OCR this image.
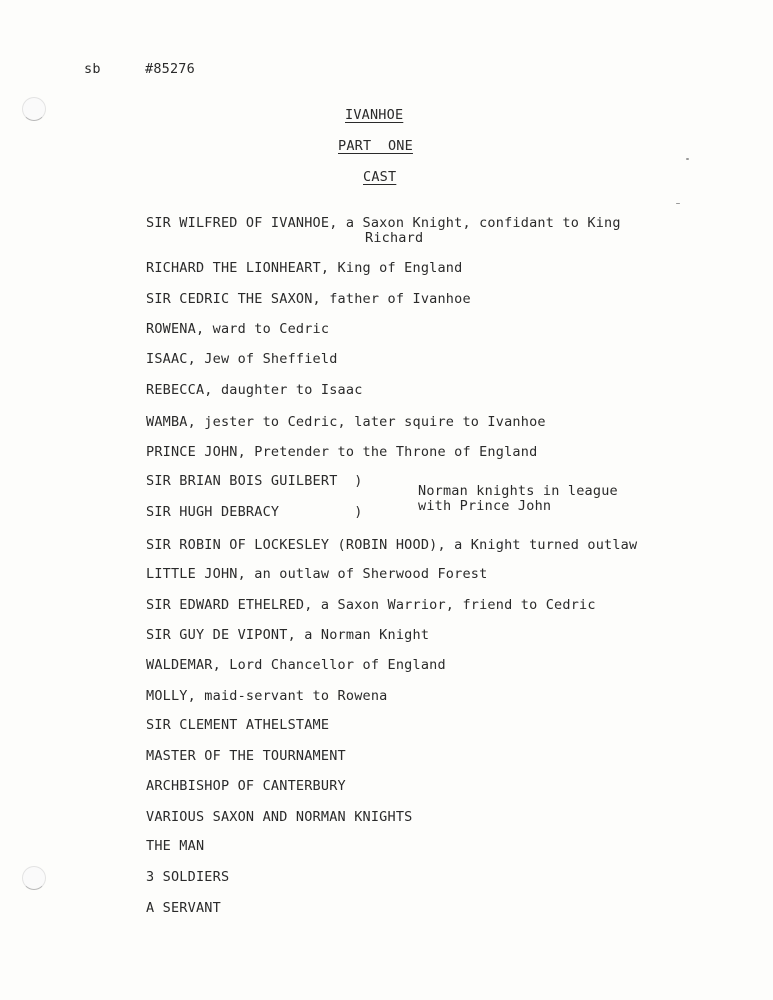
sb	#85276
IVANHOE
PART  ONE
CAST
SIR WILFRED OF IVANHOE, a Saxon Knight, confidant to King
Richard
RICHARD THE LIONHEART, King of England
SIR CEDRIC THE SAXON, father of Ivanhoe
ROWENA, ward to Cedric
ISAAC, Jew of Sheffield
REBECCA, daughter to Isaac
WAMBA, jester to Cedric, later squire to Ivanhoe
PRINCE JOHN, Pretender to the Throne of England
SIR BRIAN BOIS GUILBERT  )
Norman knights in league
with Prince John
SIR HUGH DEBRACY         )
SIR ROBIN OF LOCKESLEY (ROBIN HOOD), a Knight turned outlaw
LITTLE JOHN, an outlaw of Sherwood Forest
SIR EDWARD ETHELRED, a Saxon Warrior, friend to Cedric
SIR GUY DE VIPONT, a Norman Knight
WALDEMAR, Lord Chancellor of England
MOLLY, maid-servant to Rowena
SIR CLEMENT ATHELSTAME
MASTER OF THE TOURNAMENT
ARCHBISHOP OF CANTERBURY
VARIOUS SAXON AND NORMAN KNIGHTS
THE MAN
3 SOLDIERS
A SERVANT
